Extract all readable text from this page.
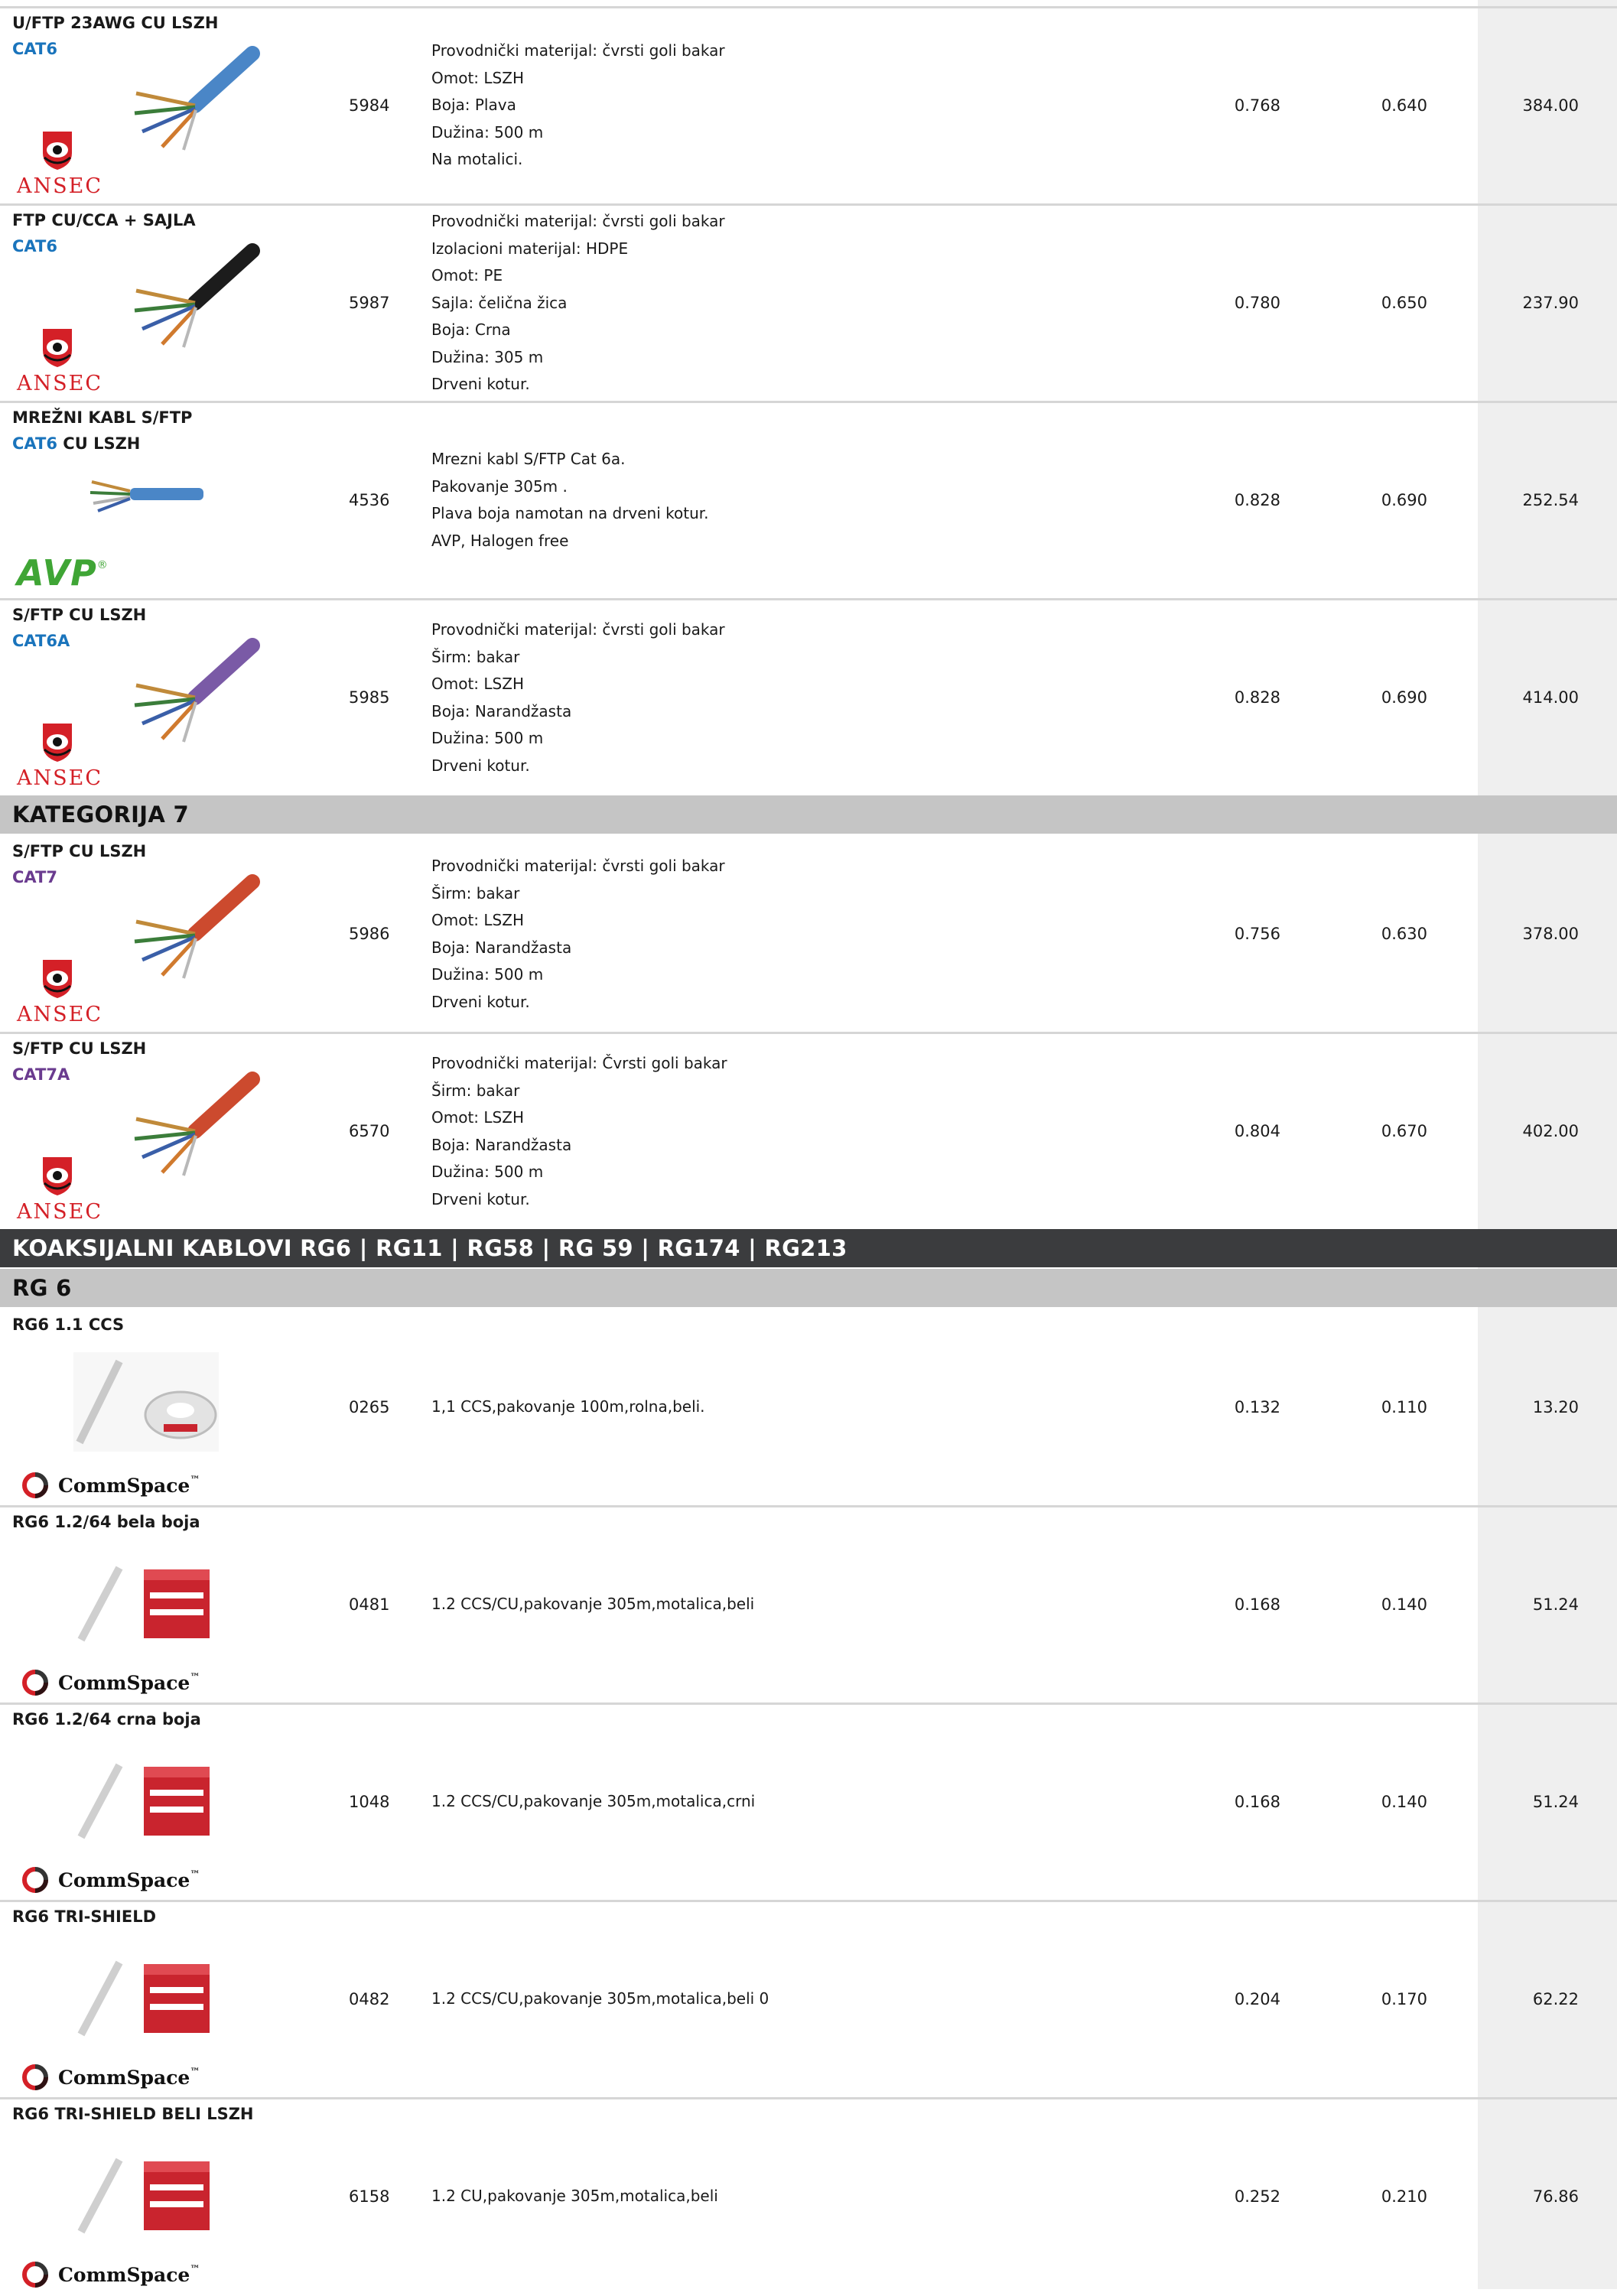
U/FTP 23AWG CU LSZH
CAT6
ANSEC
Provodnički materijal: čvrsti goli bakar
Omot: LSZH
Boja: Plava
Dužina: 500 m
Na motalici.
5984	0.768	0.640	384.00
FTP CU/CCA + SAJLA
CAT6
ANSEC
Provodnički materijal: čvrsti goli bakar
Izolacioni materijal: HDPE
Omot: PE
Sajla: čelična žica
Boja: Crna
Dužina: 305 m
Drveni kotur.
5987	0.780	0.650	237.90
MREŽNI KABL S/FTP
CAT6 CU LSZH
AVP®
Mrezni kabl S/FTP Cat 6a.
Pakovanje 305m .
Plava boja namotan na drveni kotur.
AVP, Halogen free
4536	0.828	0.690	252.54
S/FTP CU LSZH
CAT6A
ANSEC
Provodnički materijal: čvrsti goli bakar
Širm: bakar
Omot: LSZH
Boja: Narandžasta
Dužina: 500 m
Drveni kotur.
5985	0.828	0.690	414.00
KATEGORIJA 7
S/FTP CU LSZH
CAT7
ANSEC
Provodnički materijal: čvrsti goli bakar
Širm: bakar
Omot: LSZH
Boja: Narandžasta
Dužina: 500 m
Drveni kotur.
5986	0.756	0.630	378.00
S/FTP CU LSZH
CAT7A
ANSEC
Provodnički materijal: Čvrsti goli bakar
Širm: bakar
Omot: LSZH
Boja: Narandžasta
Dužina: 500 m
Drveni kotur.
6570	0.804	0.670	402.00
KOAKSIJALNI KABLOVI RG6 | RG11 | RG58 | RG 59 | RG174 | RG213
RG 6
RG6 1.1 CCS
CommSpace™
1,1 CCS,pakovanje 100m,rolna,beli.
0265	0.132	0.110	13.20
RG6 1.2/64 bela boja
CommSpace™
1.2 CCS/CU,pakovanje 305m,motalica,beli
0481	0.168	0.140	51.24
RG6 1.2/64 crna boja
CommSpace™
1.2 CCS/CU,pakovanje 305m,motalica,crni
1048	0.168	0.140	51.24
RG6 TRI-SHIELD
CommSpace™
1.2 CCS/CU,pakovanje 305m,motalica,beli 0
0482	0.204	0.170	62.22
RG6 TRI-SHIELD BELI LSZH
CommSpace™
1.2 CU,pakovanje 305m,motalica,beli
6158	0.252	0.210	76.86
